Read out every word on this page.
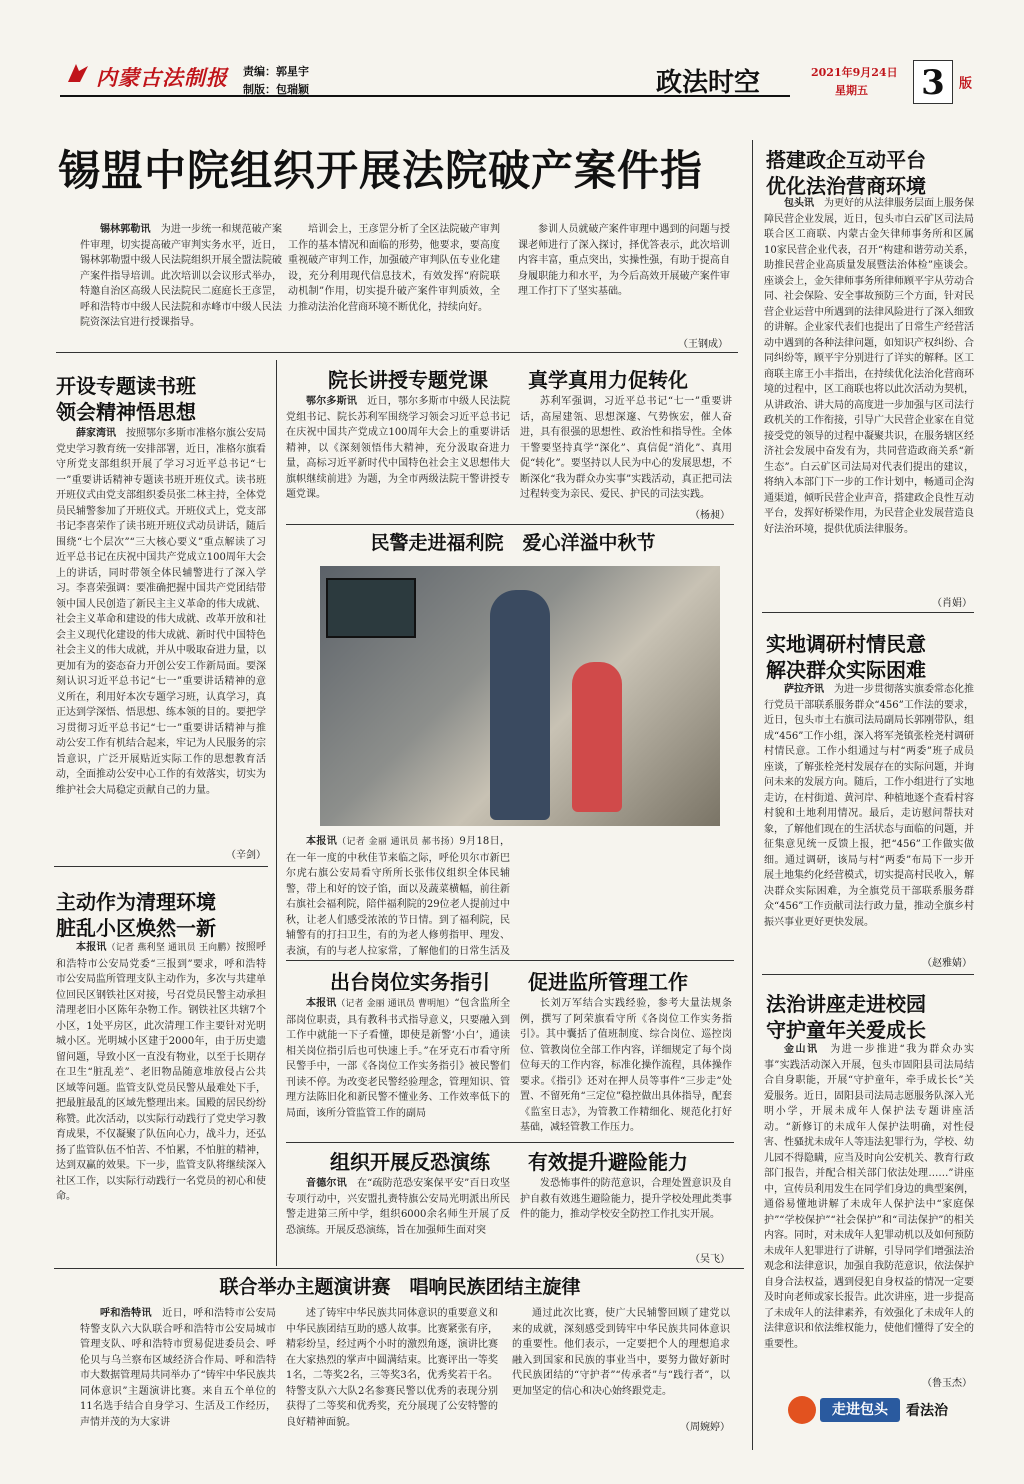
内蒙古法制报	责编：郭星宇
制版：包瑞颖	政法时空	2021年9月24日
星期五	3 版
锡盟中院组织开展法院破产案件指

锡林郭勒讯　 为进一步统一和规范破产案件审理，切实提高破产审判实务水平，近日，锡林郭勒盟中级人民法院组织开展全盟法院破产案件指导培训。此次培训以会议形式举办，特邀自治区高级人民法院民二庭庭长王彦罡，呼和浩特市中级人民法院和赤峰市中级人民法院资深法官进行授课指导。

培训会上，王彦罡分析了全区法院破产审判工作的基本情况和面临的形势，他要求，要高度重视破产审判工作，加强破产审判队伍专业化建设，充分利用现代信息技术，有效发挥“府院联动机制”作用，切实提升破产案件审判质效，全力推动法治化营商环境不断优化，持续向好。

参训人员就破产案件审理中遇到的问题与授课老师进行了深入探讨，择优答表示，此次培训内容丰富，重点突出，实操性强，有助于提高自身履职能力和水平，为今后高效开展破产案件审理工作打下了坚实基础。

（王钢成）
搭建政企互动平台
优化法治营商环境

包头讯　 为更好的从法律服务层面上服务保障民营企业发展，近日，包头市白云矿区司法局联合区工商联、内蒙古金矢律师事务所和区属10家民营企业代表，召开“构建和谐劳动关系，助推民营企业高质量发展暨法治体检”座谈会。座谈会上，金矢律师事务所律师顾平宇从劳动合同、社会保险、安全事故预防三个方面，针对民营企业运营中所遇到的法律风险进行了深入细致的讲解。企业家代表们也提出了日常生产经营活动中遇到的各种法律问题，如知识产权纠纷、合同纠纷等，顾平宇分别进行了详实的解释。区工商联主席王小丰指出，在持续优化法治化营商环境的过程中，区工商联也将以此次活动为契机，从讲政治、讲大局的高度进一步加强与区司法行政机关的工作衔接，引导广大民营企业家在自觉接受党的领导的过程中凝聚共识，在服务辖区经济社会发展中奋发有为，共同营造政商关系“新生态”。白云矿区司法局对代表们提出的建议，将纳入本部门下一步的工作计划中，畅通司企沟通渠道，倾听民营企业声音，搭建政企良性互动平台，发挥好桥梁作用，为民营企业发展营造良好法治环境，提供优质法律服务。

（肖娟）
实地调研村情民意
解决群众实际困难

萨拉齐讯　 为进一步贯彻落实旗委常态化推行党员干部联系服务群众“456”工作法的要求，近日，包头市土右旗司法局副局长郭刚带队，组成“456”工作小组，深入将军尧镇张栓尧村调研村情民意。工作小组通过与村“两委”班子成员座谈，了解张栓尧村发展存在的实际问题，并询问未来的发展方向。随后，工作小组进行了实地走访，在村街道、黄河岸、种植地逐个查看村容村貌和土地利用情况。最后，走访慰问帮扶对象，了解他们现在的生活状态与面临的问题，并征集意见统一反馈上报，把“456”工作做实做细。通过调研，该局与村“两委”布局下一步开展土地集约化经营模式，切实提高村民收入，解决群众实际困难，为全旗党员干部联系服务群众“456”工作贡献司法行政力量，推动全旗乡村振兴事业更好更快发展。

（赵雅婧）
法治讲座走进校园
守护童年关爱成长

金山讯　 为进一步推进“我为群众办实事”实践活动深入开展，包头市固阳县司法局结合自身职能，开展“守护童年，牵手成长长”关爱服务。近日，固阳县司法局志愿服务队深入光明小学，开展未成年人保护法专题讲座活动。“新修订的未成年人保护法明确，对性侵害、性骚扰未成年人等违法犯罪行为，学校、幼儿园不得隐瞒，应当及时向公安机关、教育行政部门报告，并配合相关部门依法处理……”讲座中，宣传员利用发生在同学们身边的典型案例，通俗易懂地讲解了未成年人保护法中“家庭保护”“学校保护”“社会保护”和“司法保护”的相关内容。同时，对未成年人犯罪动机以及如何预防未成年人犯罪进行了讲解，引导同学们增强法治观念和法律意识，加强自我防范意识，依法保护自身合法权益，遇到侵犯自身权益的情况一定要及时向老师或家长报告。此次讲座，进一步提高了未成年人的法律素养，有效强化了未成年人的法律意识和依法维权能力，使他们懂得了安全的重要性。

（鲁玉杰）
开设专题读书班
领会精神悟思想

薛家湾讯　 按照鄂尔多斯市准格尔旗公安局党史学习教育统一安排部署，近日，准格尔旗看守所党支部组织开展了学习习近平总书记“七一”重要讲话精神专题读书班开班仪式。读书班开班仪式由党支部组织委员张二林主持，全体党员民辅警参加了开班仪式。开班仪式上，党支部书记李喜荣作了读书班开班仪式动员讲话，随后围绕“七个层次”“三大核心要义”重点解读了习近平总书记在庆祝中国共产党成立100周年大会上的讲话，同时带领全体民辅警进行了深入学习。李喜荣强调：要准确把握中国共产党团结带领中国人民创造了新民主主义革命的伟大成就、社会主义革命和建设的伟大成就、改革开放和社会主义现代化建设的伟大成就、新时代中国特色社会主义的伟大成就，并从中吸取奋进力量，以更加有为的姿态奋力开创公安工作新局面。要深刻认识习近平总书记“七一”重要讲话精神的意义所在，利用好本次专题学习班，认真学习，真正达到学深悟、悟思想、练本领的目的。要把学习贯彻习近平总书记“七一”重要讲话精神与推动公安工作有机结合起来，牢记为人民服务的宗旨意识，广泛开展贴近实际工作的思想教育活动，全面推动公安中心工作的有效落实，切实为维护社会大局稳定贡献自己的力量。

（辛剑）
主动作为清理环境
脏乱小区焕然一新

本报讯（记者 燕利坚 通讯员 王向鹏）按照呼和浩特市公安局党委“三报到”要求，呼和浩特市公安局监所管理支队主动作为，多次与共建单位回民区钢铁社区对接，号召党员民警主动承担清理老旧小区陈年杂物工作。钢铁社区共辖7个小区，1处平房区，此次清理工作主要针对光明城小区。光明城小区建于2000年，由于历史遗留问题，导致小区一直没有物业，以至于长期存在卫生“脏乱差”、老旧物品随意堆放侵占公共区域等问题。监管支队党员民警从最难处下手，把最脏最乱的区域先整理出来。国殿的居民纷纷称赞。此次活动，以实际行动践行了党史学习教育成果，不仅凝聚了队伍向心力，战斗力，还弘扬了监管队伍不怕苦、不怕累，不怕脏的精神，达到双赢的效果。下一步，监管支队将继续深入社区工作，以实际行动践行一名党员的初心和使命。

院长讲授专题党课

鄂尔多斯讯　 近日，鄂尔多斯市中级人民法院党组书记、院长苏利军围绕学习领会习近平总书记在庆祝中国共产党成立100周年大会上的重要讲话精神，以《深刻领悟伟大精神，充分汲取奋进力量，高标习近平新时代中国特色社会主义思想伟大旗帜继续前进》为题，为全市两级法院干警讲授专题党课。

真学真用力促转化

苏利军强调，习近平总书记“七一”重要讲话，高屋建瓴、思想深邃、气势恢宏，催人奋进，具有很强的思想性、政治性和指导性。全体干警要坚持真学“深化”、真信促“消化”、真用促“转化”。要坚持以人民为中心的发展思想，不断深化“我为群众办实事”实践活动，真正把司法过程转变为亲民、爱民、护民的司法实践。

（杨昶）
民警走进福利院　爱心洋溢中秋节

本报讯（记者 金丽 通讯员 郝书扬）9月18日，在一年一度的中秋佳节来临之际，呼伦贝尔市新巴尔虎右旗公安局看守所所长张伟仪组织全体民辅警，带上和好的饺子馅，面以及蔬菜横幅，前往新右旗社会福利院，陪伴福利院的29位老人提前过中秋，让老人们感受浓浓的节日情。到了福利院，民辅警有的打扫卫生，有的为老人修剪指甲、理发、表演，有的与老人拉家常，了解他们的日常生活及

出台岗位实务指引

本报讯（记者 金丽 通讯员 曹明旭）“包含监所全部岗位职责，具有教科书式指导意义，只要融入到工作中就能一下子看懂，即使是新警‘小白’，通读相关岗位指引后也可快速上手。”在牙克石市看守所民警手中，一部《各岗位工作实务指引》被民警们刊读不停。为改变老民警经验理念，管理知识、管理方法陈旧化和新民警不懂业务、工作效率低下的局面，该所分管监管工作的副局

促进监所管理工作

长刘万军结合实践经验，参考大量法规条例，撰写了阿荣旗看守所《各岗位工作实务指引》。其中囊括了值班制度、综合岗位、巡控岗位、管教岗位全部工作内容，详细规定了每个岗位每天的工作内容，标准化操作流程，具体操作要求。《指引》还对在押人员等事件“三步走”处置、不留死角“三定位”稳控做出具体指导，配套《监室日志》，为管教工作精细化、规范化打好基础，减轻管教工作压力。

组织开展反恐演练

音德尔讯　 在“疏防范恐安案保平安”百日攻坚专项行动中，兴安盟扎赉特旗公安局光明派出所民警走进第三所中学，组织6000余名师生开展了反恐演练。开展反恐演练，旨在加强师生面对突

有效提升避险能力

发恐怖事件的防范意识，合理处置意识及自护自救有效逃生避险能力，提升学校处理此类事件的能力，推动学校安全防控工作扎实开展。

（吴飞）
联合举办主题演讲赛　唱响民族团结主旋律

呼和浩特讯　 近日，呼和浩特市公安局特警支队六大队联合呼和浩特市公安局城市管理支队、呼和浩特市贸易促进委员会、呼伦贝与乌兰察布区域经济合作局、呼和浩特市大数据管理局共同举办了“铸牢中华民族共同体意识”主题演讲比赛。来自五个单位的11名选手结合自身学习、生活及工作经历，声情并茂的为大家讲

述了铸牢中华民族共同体意识的重要意义和中华民族团结互助的感人故事。比赛紧张有序，精彩纷呈，经过两个小时的激烈角逐，演讲比赛在大家热烈的掌声中圆满结束。比赛评出一等奖1名，二等奖2名，三等奖3名，优秀奖若干名。特警支队六大队2名参赛民警以优秀的表现分别获得了二等奖和优秀奖，充分展现了公安特警的良好精神面貌。

通过此次比赛，使广大民辅警回顾了建党以来的成就，深刻感受到铸牢中华民族共同体意识的重要性。他们表示，一定要把个人的理想追求融入到国家和民族的事业当中，要努力做好新时代民族团结的“守护者”“传承者”与“践行者”，以更加坚定的信心和决心始终跟党走。

（周婉婷）
走进包头	看法治
